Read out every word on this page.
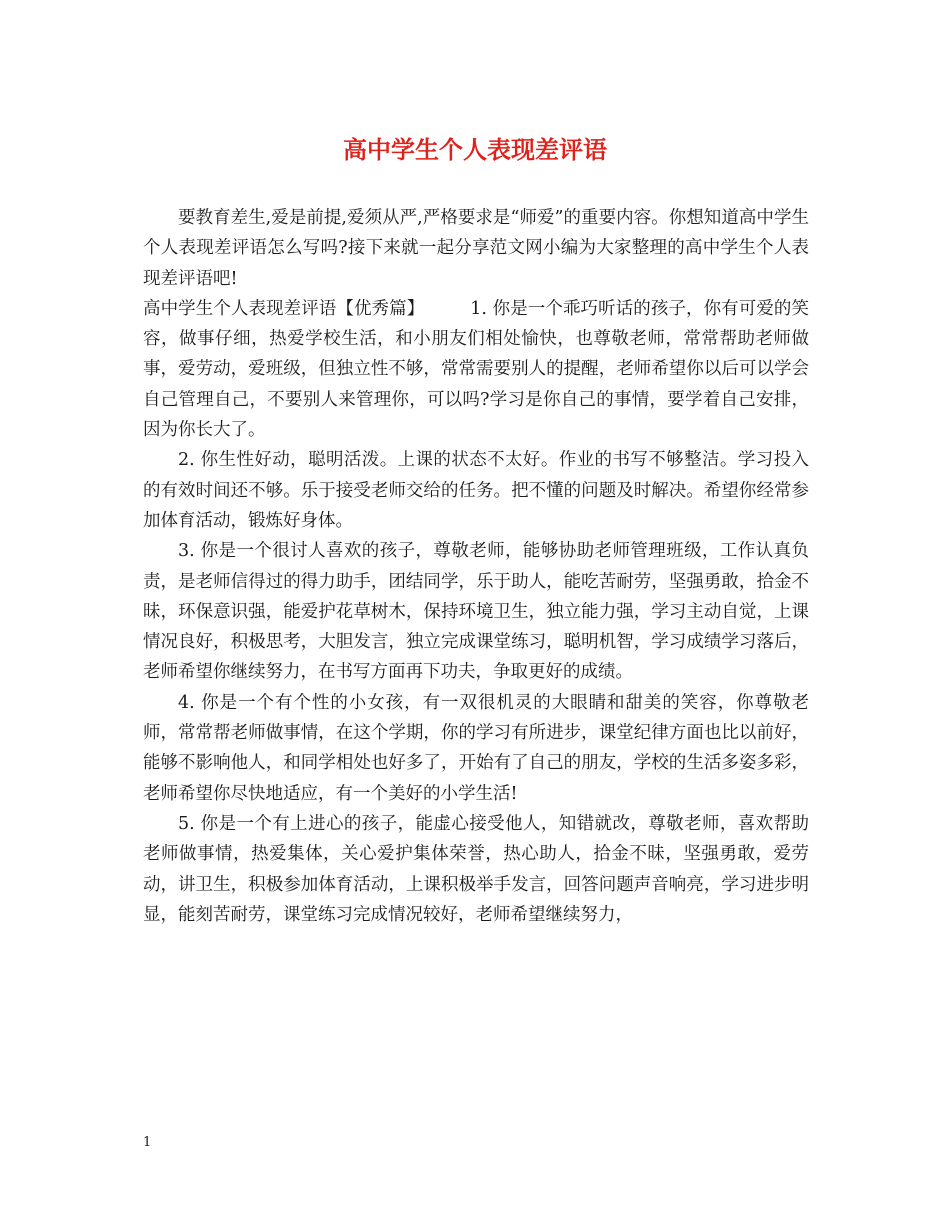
高中学生个人表现差评语

要教育差生,爱是前提,爱须从严,严格要求是“师爱”的重要内容。你想知道高中学生个人表现差评语怎么写吗?接下来就一起分享范文网小编为大家整理的高中学生个人表现差评语吧!

高中学生个人表现差评语【优秀篇】	1. 你是一个乖巧听话的孩子，你有可爱的笑容，做事仔细，热爱学校生活，和小朋友们相处愉快，也尊敬老师，常常帮助老师做事，爱劳动，爱班级，但独立性不够，常常需要别人的提醒，老师希望你以后可以学会自己管理自己，不要别人来管理你，可以吗?学习是你自己的事情，要学着自己安排，因为你长大了。

2. 你生性好动，聪明活泼。上课的状态不太好。作业的书写不够整洁。学习投入的有效时间还不够。乐于接受老师交给的任务。把不懂的问题及时解决。希望你经常参加体育活动，锻炼好身体。

3. 你是一个很讨人喜欢的孩子，尊敬老师，能够协助老师管理班级，工作认真负责，是老师信得过的得力助手，团结同学，乐于助人，能吃苦耐劳，坚强勇敢，拾金不昧，环保意识强，能爱护花草树木，保持环境卫生，独立能力强，学习主动自觉，上课情况良好，积极思考，大胆发言，独立完成课堂练习，聪明机智，学习成绩学习落后，老师希望你继续努力，在书写方面再下功夫，争取更好的成绩。

4. 你是一个有个性的小女孩，有一双很机灵的大眼睛和甜美的笑容，你尊敬老师，常常帮老师做事情，在这个学期，你的学习有所进步，课堂纪律方面也比以前好，能够不影响他人，和同学相处也好多了，开始有了自己的朋友，学校的生活多姿多彩，老师希望你尽快地适应，有一个美好的小学生活!

5. 你是一个有上进心的孩子，能虚心接受他人，知错就改，尊敬老师，喜欢帮助老师做事情，热爱集体，关心爱护集体荣誉，热心助人，拾金不昧，坚强勇敢，爱劳动，讲卫生，积极参加体育活动，上课积极举手发言，回答问题声音响亮，学习进步明显，能刻苦耐劳，课堂练习完成情况较好，老师希望继续努力，

1
